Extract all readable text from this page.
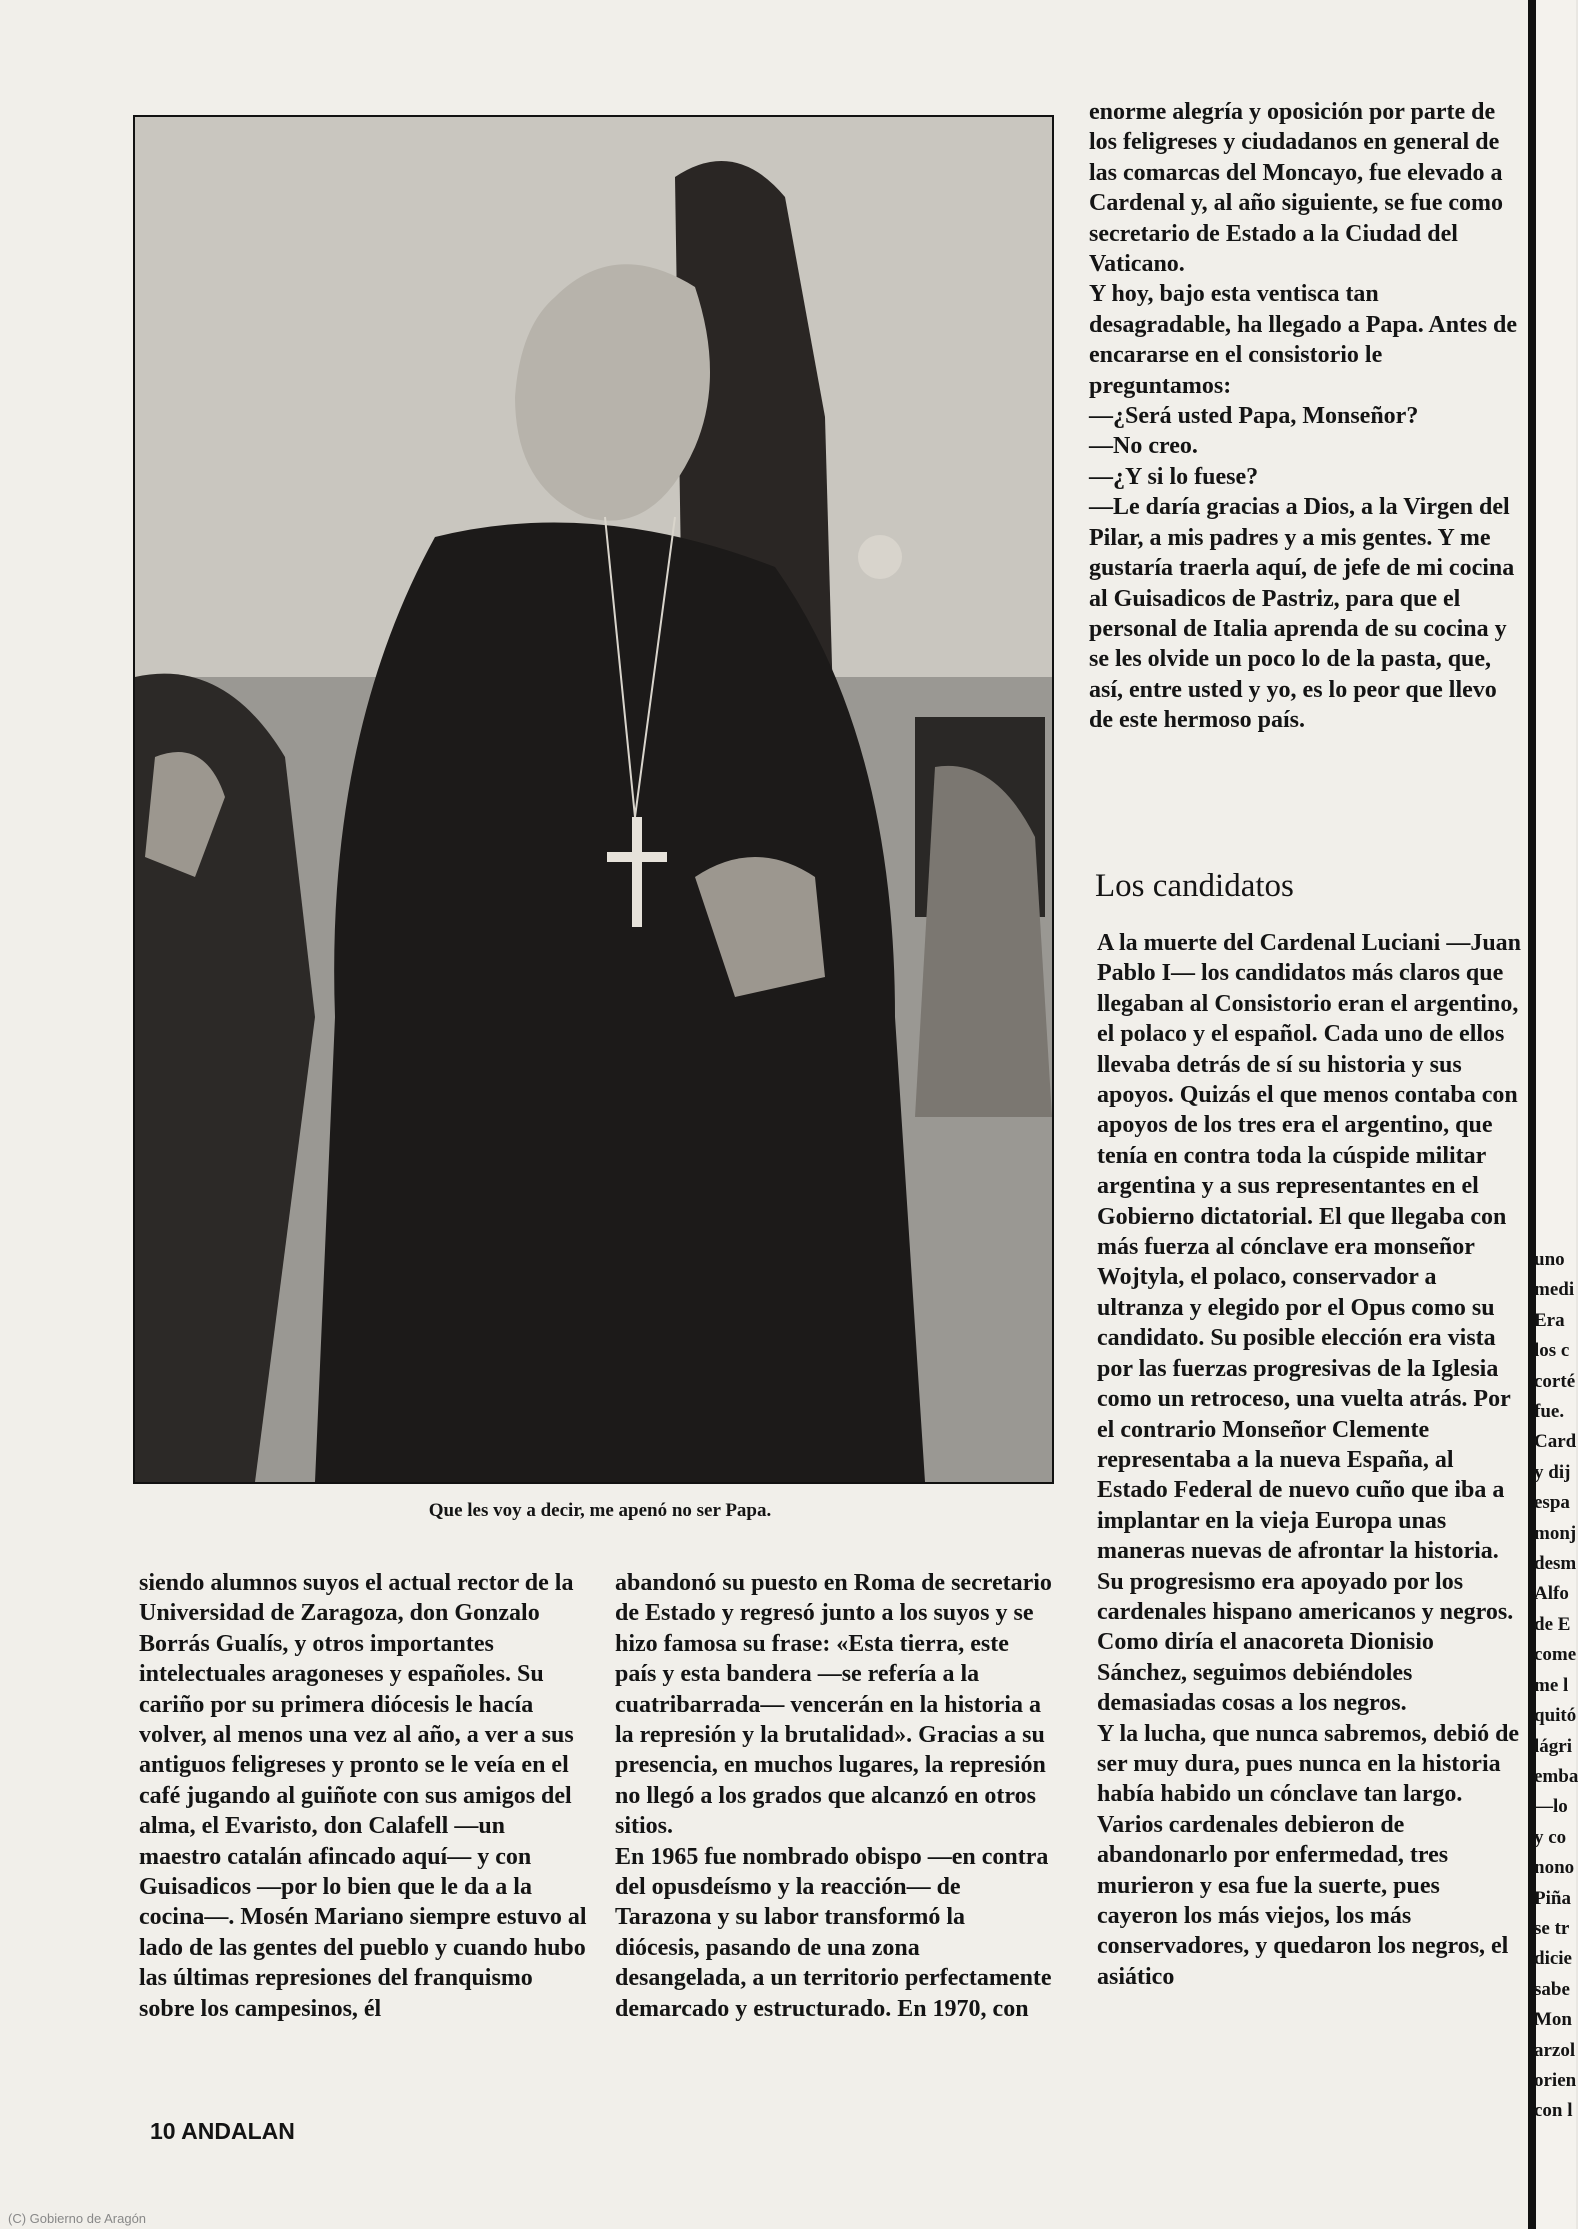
Que les voy a decir, me apenó no ser Papa.

enorme alegría y oposición por parte de los feligreses y ciudadanos en general de las comarcas del Moncayo, fue elevado a Cardenal y, al año siguiente, se fue como secretario de Estado a la Ciudad del Vaticano.

Y hoy, bajo esta ventisca tan desagradable, ha llegado a Papa. Antes de encararse en el consistorio le preguntamos:

—¿Será usted Papa, Monseñor?

—No creo.

—¿Y si lo fuese?

—Le daría gracias a Dios, a la Virgen del Pilar, a mis padres y a mis gentes. Y me gustaría traerla aquí, de jefe de mi cocina al Guisadicos de Pastriz, para que el personal de Italia aprenda de su cocina y se les olvide un poco lo de la pasta, que, así, entre usted y yo, es lo peor que llevo de este hermoso país.

Los candidatos

A la muerte del Cardenal Luciani —Juan Pablo I— los candidatos más claros que llegaban al Consistorio eran el argentino, el polaco y el español. Cada uno de ellos llevaba detrás de sí su historia y sus apoyos. Quizás el que menos contaba con apoyos de los tres era el argentino, que tenía en contra toda la cúspide militar argentina y a sus representantes en el Gobierno dictatorial. El que llegaba con más fuerza al cónclave era monseñor Wojtyla, el polaco, conservador a ultranza y elegido por el Opus como su candidato. Su posible elección era vista por las fuerzas progresivas de la Iglesia como un retroceso, una vuelta atrás. Por el contrario Monseñor Clemente representaba a la nueva España, al Estado Federal de nuevo cuño que iba a implantar en la vieja Europa unas maneras nuevas de afrontar la historia. Su progresismo era apoyado por los cardenales hispano americanos y negros. Como diría el anacoreta Dionisio Sánchez, seguimos debiéndoles demasiadas cosas a los negros.

Y la lucha, que nunca sabremos, debió de ser muy dura, pues nunca en la historia había habido un cónclave tan largo. Varios cardenales debieron de abandonarlo por enfermedad, tres murieron y esa fue la suerte, pues cayeron los más viejos, los más conservadores, y quedaron los negros, el asiático

siendo alumnos suyos el actual rector de la Universidad de Zaragoza, don Gonzalo Borrás Gualís, y otros importantes intelectuales aragoneses y españoles. Su cariño por su primera diócesis le hacía volver, al menos una vez al año, a ver a sus antiguos feligreses y pronto se le veía en el café jugando al guiñote con sus amigos del alma, el Evaristo, don Calafell —un maestro catalán afincado aquí— y con Guisadicos —por lo bien que le da a la cocina—. Mosén Mariano siempre estuvo al lado de las gentes del pueblo y cuando hubo las últimas represiones del franquismo sobre los campesinos, él

abandonó su puesto en Roma de secretario de Estado y regresó junto a los suyos y se hizo famosa su frase: «Esta tierra, este país y esta bandera —se refería a la cuatribarrada— vencerán en la historia a la represión y la brutalidad». Gracias a su presencia, en muchos lugares, la represión no llegó a los grados que alcanzó en otros sitios.

En 1965 fue nombrado obispo —en contra del opusdeísmo y la reacción— de Tarazona y su labor transformó la diócesis, pasando de una zona desangelada, a un territorio perfectamente demarcado y estructurado. En 1970, con

10 ANDALAN
(C) Gobierno de Aragón
uno
medi
Era
los c
corté
fue.
Card
y dij
espa
monj
desm
Alfo
de E
come
me l
quitó
lágri
emba
—lo
y co
nono
Piña
se tr
dicie
sabe
Mon
arzol
orien
con l
